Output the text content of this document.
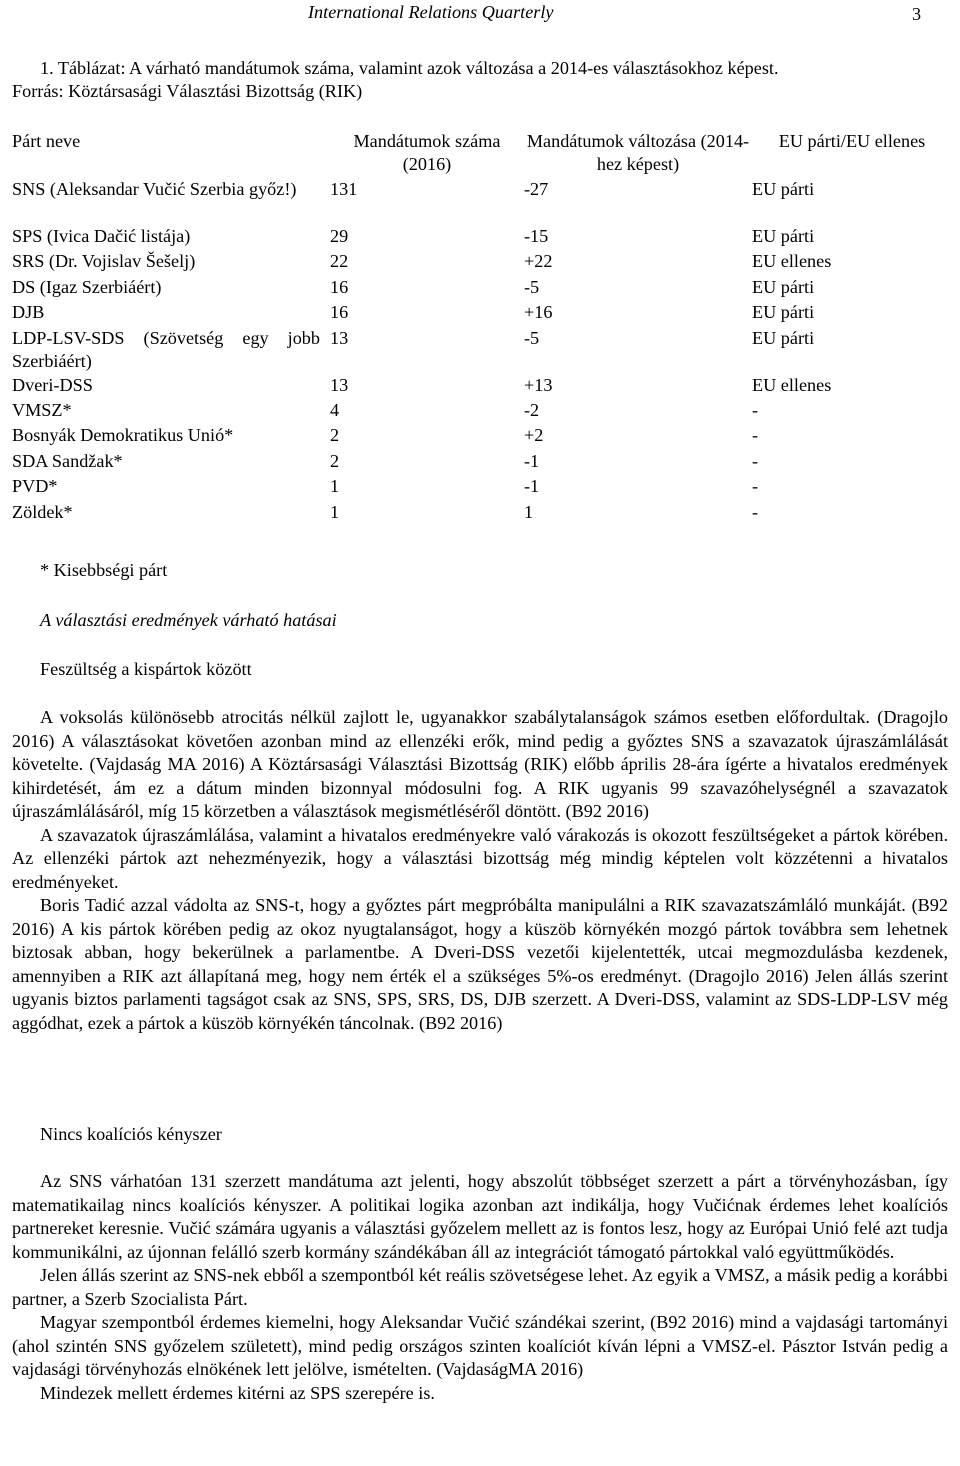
International Relations Quarterly	3
1. Táblázat: A várható mandátumok száma, valamint azok változása a 2014-es választásokhoz képest.
Forrás: Köztársasági Választási Bizottság (RIK)
Párt neve	Mandátumok száma (2016)	Mandátumok változása (2014-hez képest)	EU párti/EU ellenes
SNS (Aleksandar Vučić Szerbia győz!)	131	-27	EU párti
SPS (Ivica Dačić listája)	29	-15	EU párti
SRS (Dr. Vojislav Šešelj)	22	+22	EU ellenes
DS (Igaz Szerbiáért)	16	-5	EU párti
DJB	16	+16	EU párti
LDP-LSV-SDS (Szövetség egy jobb Szerbiáért)	13	-5	EU párti
Dveri-DSS	13	+13	EU ellenes
VMSZ*	4	-2	-
Bosnyák Demokratikus Unió*	2	+2	-
SDA Sandžak*	2	-1	-
PVD*	1	-1	-
Zöldek*	1	1	-
* Kisebbségi párt
A választási eredmények várható hatásai
Feszültség a kispártok között

A voksolás különösebb atrocitás nélkül zajlott le, ugyanakkor szabálytalanságok számos esetben előfordultak. (Dragojlo 2016) A választásokat követően azonban mind az ellenzéki erők, mind pedig a győztes SNS a szavazatok újraszámlálását követelte. (Vajdaság MA 2016) A Köztársasági Választási Bizottság (RIK) előbb április 28-ára ígérte a hivatalos eredmények kihirdetését, ám ez a dátum minden bizonnyal módosulni fog. A RIK ugyanis 99 szavazóhelységnél a szavazatok újraszámlálásáról, míg 15 körzetben a választások megismétléséről döntött. (B92 2016)

A szavazatok újraszámlálása, valamint a hivatalos eredményekre való várakozás is okozott feszültségeket a pártok körében. Az ellenzéki pártok azt nehezményezik, hogy a választási bizottság még mindig képtelen volt közzétenni a hivatalos eredményeket.

Boris Tadić azzal vádolta az SNS-t, hogy a győztes párt megpróbálta manipulálni a RIK szavazatszámláló munkáját. (B92 2016) A kis pártok körében pedig az okoz nyugtalanságot, hogy a küszöb környékén mozgó pártok továbbra sem lehetnek biztosak abban, hogy bekerülnek a parlamentbe. A Dveri-DSS vezetői kijelentették, utcai megmozdulásba kezdenek, amennyiben a RIK azt állapítaná meg, hogy nem érték el a szükséges 5%-os eredményt. (Dragojlo 2016) Jelen állás szerint ugyanis biztos parlamenti tagságot csak az SNS, SPS, SRS, DS, DJB szerzett. A Dveri-DSS, valamint az SDS-LDP-LSV még aggódhat, ezek a pártok a küszöb környékén táncolnak. (B92 2016)

Nincs koalíciós kényszer

Az SNS várhatóan 131 szerzett mandátuma azt jelenti, hogy abszolút többséget szerzett a párt a törvényhozásban, így matematikailag nincs koalíciós kényszer. A politikai logika azonban azt indikálja, hogy Vučićnak érdemes lehet koalíciós partnereket keresnie. Vučić számára ugyanis a választási győzelem mellett az is fontos lesz, hogy az Európai Unió felé azt tudja kommunikálni, az újonnan felálló szerb kormány szándékában áll az integrációt támogató pártokkal való együttműködés.

Jelen állás szerint az SNS-nek ebből a szempontból két reális szövetségese lehet. Az egyik a VMSZ, a másik pedig a korábbi partner, a Szerb Szocialista Párt.

Magyar szempontból érdemes kiemelni, hogy Aleksandar Vučić szándékai szerint, (B92 2016) mind a vajdasági tartományi (ahol szintén SNS győzelem született), mind pedig országos szinten koalíciót kíván lépni a VMSZ-el. Pásztor István pedig a vajdasági törvényhozás elnökének lett jelölve, ismételten. (VajdaságMA 2016)

Mindezek mellett érdemes kitérni az SPS szerepére is.
